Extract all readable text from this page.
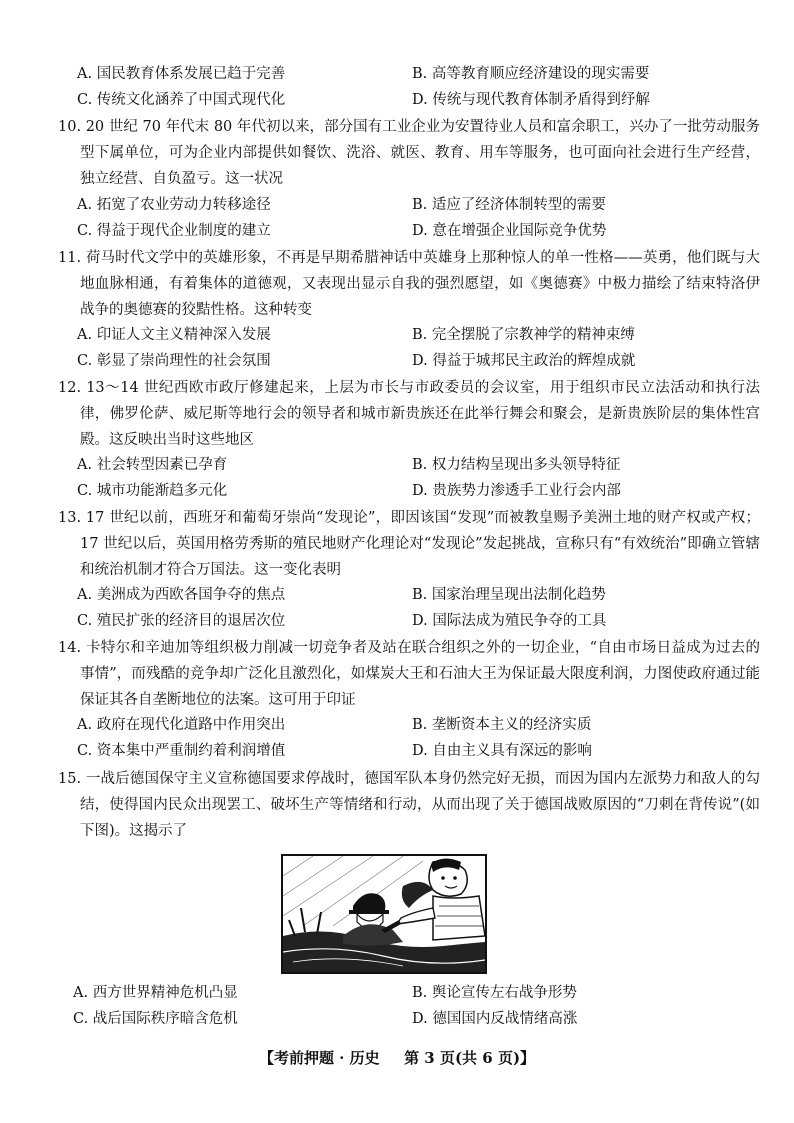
A. 国民教育体系发展已趋于完善	B. 高等教育顺应经济建设的现实需要
C. 传统文化涵养了中国式现代化	D. 传统与现代教育体制矛盾得到纾解
10. 20 世纪 70 年代末 80 年代初以来，部分国有工业企业为安置待业人员和富余职工，兴办了一批劳动服务型下属单位，可为企业内部提供如餐饮、洗浴、就医、教育、用车等服务，也可面向社会进行生产经营，独立经营、自负盈亏。这一状况
A. 拓宽了农业劳动力转移途径	B. 适应了经济体制转型的需要
C. 得益于现代企业制度的建立	D. 意在增强企业国际竞争优势
11. 荷马时代文学中的英雄形象，不再是早期希腊神话中英雄身上那种惊人的单一性格——英勇，他们既与大地血脉相通，有着集体的道德观，又表现出显示自我的强烈愿望，如《奥德赛》中极力描绘了结束特洛伊战争的奥德赛的狡黠性格。这种转变
A. 印证人文主义精神深入发展	B. 完全摆脱了宗教神学的精神束缚
C. 彰显了崇尚理性的社会氛围	D. 得益于城邦民主政治的辉煌成就
12. 13～14 世纪西欧市政厅修建起来，上层为市长与市政委员的会议室，用于组织市民立法活动和执行法律，佛罗伦萨、威尼斯等地行会的领导者和城市新贵族还在此举行舞会和聚会，是新贵族阶层的集体性宫殿。这反映出当时这些地区
A. 社会转型因素已孕育	B. 权力结构呈现出多头领导特征
C. 城市功能渐趋多元化	D. 贵族势力渗透手工业行会内部
13. 17 世纪以前，西班牙和葡萄牙崇尚“发现论”，即因该国“发现”而被教皇赐予美洲土地的财产权或产权；17 世纪以后，英国用格劳秀斯的殖民地财产化理论对“发现论”发起挑战，宣称只有“有效统治”即确立管辖和统治机制才符合万国法。这一变化表明
A. 美洲成为西欧各国争夺的焦点	B. 国家治理呈现出法制化趋势
C. 殖民扩张的经济目的退居次位	D. 国际法成为殖民争夺的工具
14. 卡特尔和辛迪加等组织极力削减一切竞争者及站在联合组织之外的一切企业，“自由市场日益成为过去的事情”，而残酷的竞争却广泛化且激烈化，如煤炭大王和石油大王为保证最大限度利润，力图使政府通过能保证其各自垄断地位的法案。这可用于印证
A. 政府在现代化道路中作用突出	B. 垄断资本主义的经济实质
C. 资本集中严重制约着利润增值	D. 自由主义具有深远的影响
15. 一战后德国保守主义宣称德国要求停战时，德国军队本身仍然完好无损，而因为国内左派势力和敌人的勾结，使得国内民众出现罢工、破坏生产等情绪和行动，从而出现了关于德国战败原因的“刀刺在背传说”(如下图)。这揭示了
A. 西方世界精神危机凸显	B. 舆论宣传左右战争形势
C. 战后国际秩序暗含危机	D. 德国国内反战情绪高涨
【考前押题 · 历史 第 3 页(共 6 页)】
